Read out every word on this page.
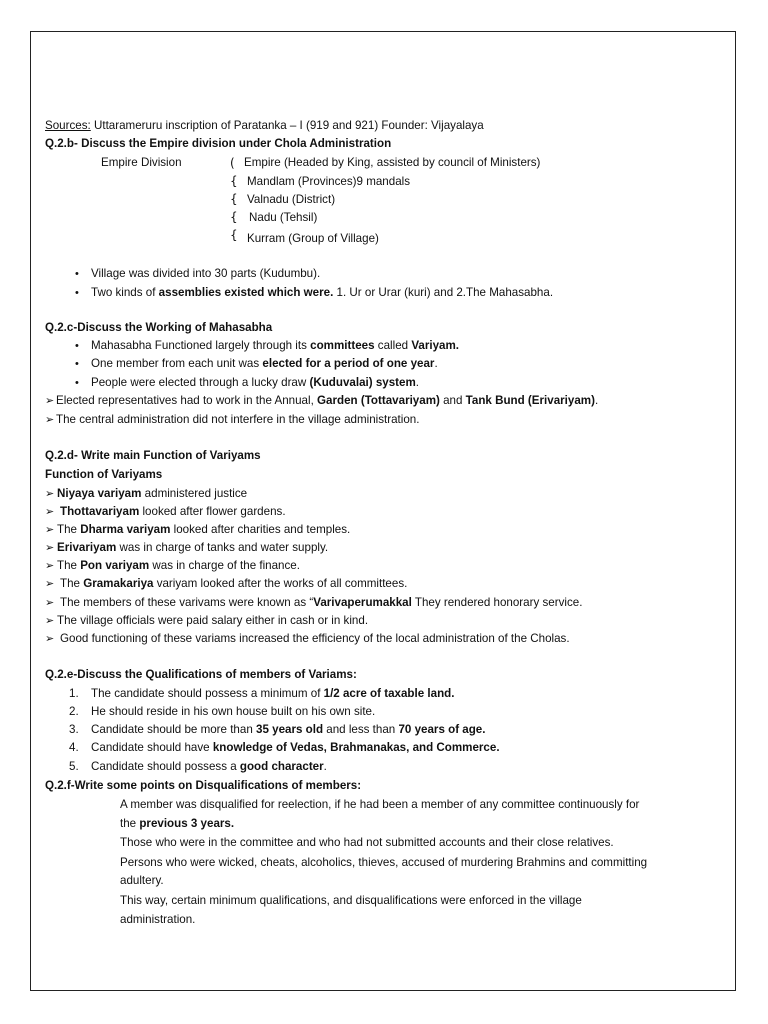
Sources: Uttarameruru inscription of Paratanka – I (919 and 921) Founder: Vijayalaya
Q.2.b- Discuss the Empire division under Chola Administration
Empire Division	(
{
{
{
{
Empire (Headed by King, assisted by council of Ministers)
Mandlam (Provinces)9 mandals
Valnadu (District)
Nadu (Tehsil)
Kurram (Group of Village)
• Village was divided into 30 parts (Kudumbu).
• Two kinds of assemblies existed which were. 1. Ur or Urar (kuri) and 2.The Mahasabha.
Q.2.c-Discuss the Working of Mahasabha
• Mahasabha Functioned largely through its committees called Variyam.
• One member from each unit was elected for a period of one year.
• People were elected through a lucky draw (Kuduvalai) system.
➢ Elected representatives had to work in the Annual, Garden (Tottavariyam) and Tank Bund (Erivariyam).
➢ The central administration did not interfere in the village administration.
Q.2.d- Write main Function of Variyams
Function of Variyams
➢ Niyaya variyam administered justice
➢ Thottavariyam looked after flower gardens.
➢ The Dharma variyam looked after charities and temples.
➢ Erivariyam was in charge of tanks and water supply.
➢ The Pon variyam was in charge of the finance.
➢ The Gramakariya variyam looked after the works of all committees.
➢ The members of these varivams were known as “Varivaperumakkal They rendered honorary service.
➢ The village officials were paid salary either in cash or in kind.
➢ Good functioning of these variams increased the efficiency of the local administration of the Cholas.
Q.2.e-Discuss the Qualifications of members of Variams:
1. The candidate should possess a minimum of 1/2 acre of taxable land.
2. He should reside in his own house built on his own site.
3. Candidate should be more than 35 years old and less than 70 years of age.
4. Candidate should have knowledge of Vedas, Brahmanakas, and Commerce.
5. Candidate should possess a good character.
Q.2.f-Write some points on Disqualifications of members:
A member was disqualified for reelection, if he had been a member of any committee continuously for
the previous 3 years.
Those who were in the committee and who had not submitted accounts and their close relatives.
Persons who were wicked, cheats, alcoholics, thieves, accused of murdering Brahmins and committing
adultery.
This way, certain minimum qualifications, and disqualifications were enforced in the village
administration.
